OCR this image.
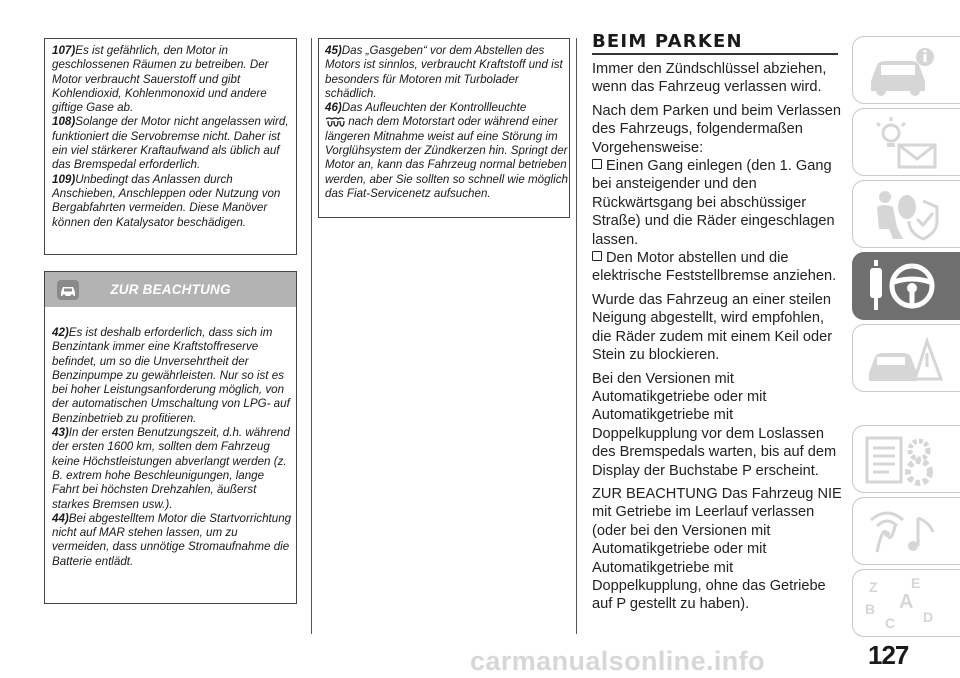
107)Es ist gefährlich, den Motor in geschlossenen Räumen zu betreiben. Der Motor verbraucht Sauerstoff und gibt Kohlendioxid, Kohlenmonoxid und andere giftige Gase ab.

108)Solange der Motor nicht angelassen wird, funktioniert die Servobremse nicht. Daher ist ein viel stärkerer Kraftaufwand als üblich auf das Bremspedal erforderlich.

109)Unbedingt das Anlassen durch Anschieben, Anschleppen oder Nutzung von Bergabfahrten vermeiden. Diese Manöver können den Katalysator beschädigen.

ZUR BEACHTUNG

42)Es ist deshalb erforderlich, dass sich im Benzintank immer eine Kraftstoffreserve befindet, um so die Unversehrtheit der Benzinpumpe zu gewährleisten. Nur so ist es bei hoher Leistungsanforderung möglich, von der automatischen Umschaltung von LPG- auf Benzinbetrieb zu profitieren.

43)In der ersten Benutzungszeit, d.h. während der ersten 1600 km, sollten dem Fahrzeug keine Höchstleistungen abverlangt werden (z. B. extrem hohe Beschleunigungen, lange Fahrt bei höchsten Drehzahlen, äußerst starkes Bremsen usw.).

44)Bei abgestelltem Motor die Startvorrichtung nicht auf MAR stehen lassen, um zu vermeiden, dass unnötige Stromaufnahme die Batterie entlädt.

45)Das „Gasgeben“ vor dem Abstellen des Motors ist sinnlos, verbraucht Kraftstoff und ist besonders für Motoren mit Turbolader schädlich.

46)Das Aufleuchten der Kontrollleuchte
nach dem Motorstart oder während einer längeren Mitnahme weist auf eine Störung im Vorglühsystem der Zündkerzen hin. Springt der Motor an, kann das Fahrzeug normal betrieben werden, aber Sie sollten so schnell wie möglich das Fiat-Servicenetz aufsuchen.

BEIM PARKEN

Immer den Zündschlüssel abziehen, wenn das Fahrzeug verlassen wird.

Nach dem Parken und beim Verlassen des Fahrzeugs, folgendermaßen Vorgehensweise:

Einen Gang einlegen (den 1. Gang bei ansteigender und den Rückwärtsgang bei abschüssiger Straße) und die Räder eingeschlagen lassen.

Den Motor abstellen und die elektrische Feststellbremse anziehen.

Wurde das Fahrzeug an einer steilen Neigung abgestellt, wird empfohlen, die Räder zudem mit einem Keil oder Stein zu blockieren.

Bei den Versionen mit Automatikgetriebe oder mit Automatikgetriebe mit Doppelkupplung vor dem Loslassen des Bremspedals warten, bis auf dem Display der Buchstabe P erscheint.

ZUR BEACHTUNG Das Fahrzeug NIE mit Getriebe im Leerlauf verlassen (oder bei den Versionen mit Automatikgetriebe oder mit Automatikgetriebe mit Doppelkupplung, ohne das Getriebe auf P gestellt zu haben).

Z E
A
B
C D
carmanualsonline.info	127
